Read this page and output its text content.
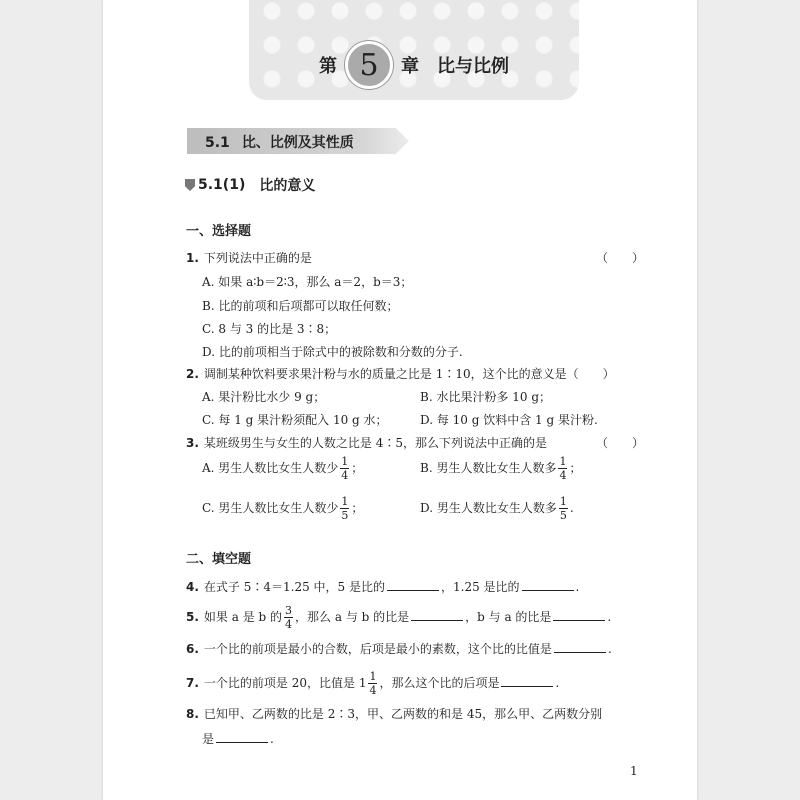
第 5	章 比与比例
5.1 比、比例及其性质
5.1(1) 比的意义
一、选择题
1. 下列说法中正确的是	（　　）
A. 如果 a∶b＝2∶3，那么 a＝2，b＝3；
B. 比的前项和后项都可以取任何数；
C. 8 与 3 的比是 3∶8；
D. 比的前项相当于除式中的被除数和分数的分子.
2. 调制某种饮料要求果汁粉与水的质量之比是 1∶10，这个比的意义是（　　）
A. 果汁粉比水少 9 g；	B. 水比果汁粉多 10 g；
C. 每 1 g 果汁粉须配入 10 g 水；	D. 每 10 g 饮料中含 1 g 果汁粉.
3. 某班级男生与女生的人数之比是 4∶5，那么下列说法中正确的是	（　　）
A. 男生人数比女生人数少 $\frac{1}{4}$ ；	B. 男生人数比女生人数多 $\frac{1}{4}$ ；
C. 男生人数比女生人数少 $\frac{1}{5}$ ；	D. 男生人数比女生人数多 $\frac{1}{5}$ .
二、填空题
4. 在式子 5∶4＝1.25 中，5 是比的	，1.25 是比的	.
5. 如果 a 是 b 的 $\frac{3}{4}$ ，那么 a 与 b 的比是	，b 与 a 的比是	.
6. 一个比的前项是最小的合数，后项是最小的素数，这个比的比值是	.
7. 一个比的前项是 20，比值是 $1 \frac{1}{4}$ ，那么这个比的后项是	.
8. 已知甲、乙两数的比是 2∶3，甲、乙两数的和是 45，那么甲、乙两数分别
是	.
1
